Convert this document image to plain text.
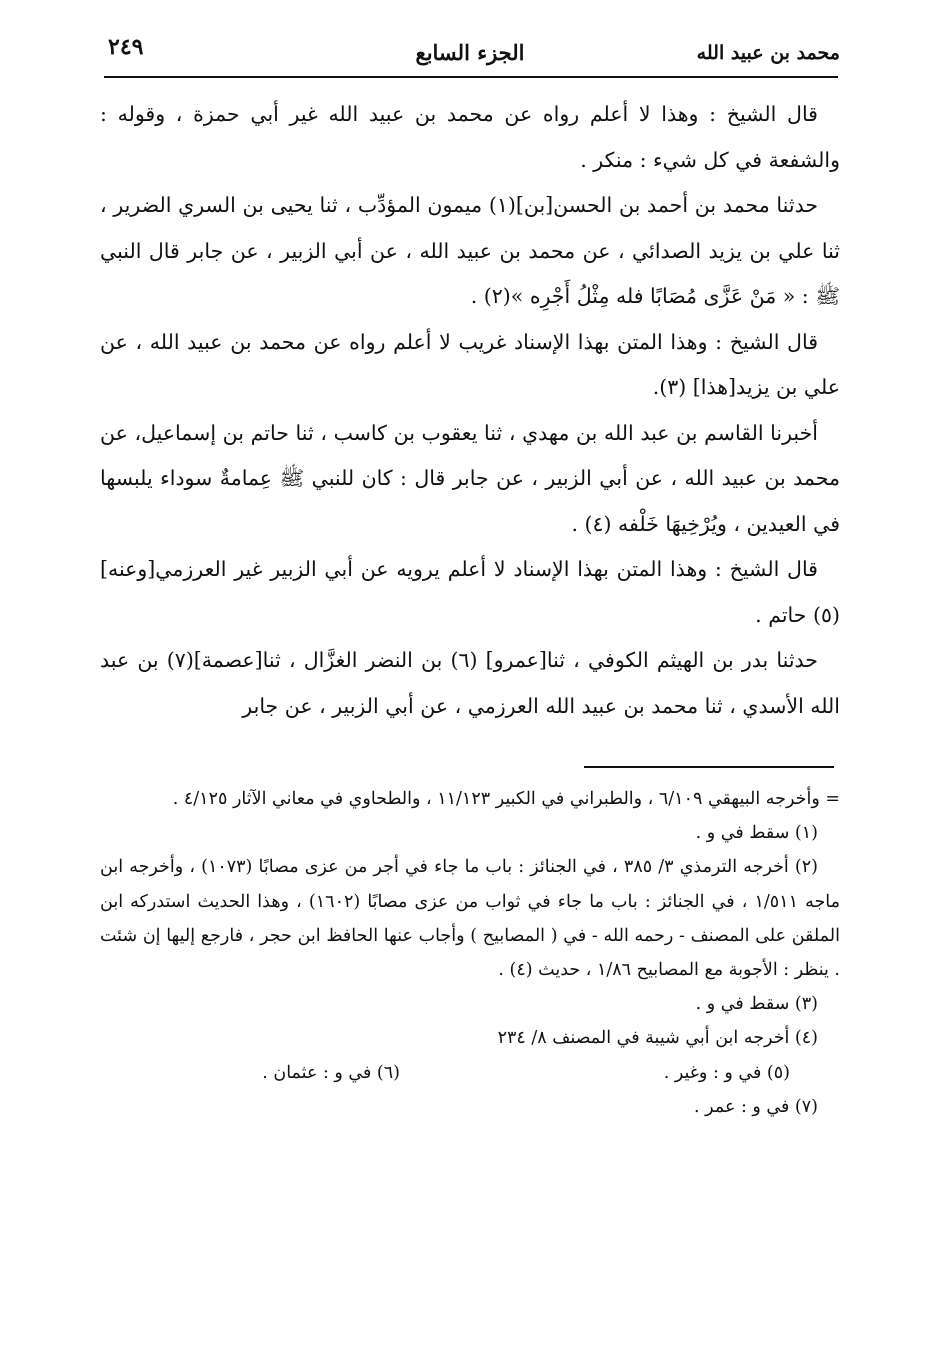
٢٤٩	الجزء السابع	محمد بن عبيد الله

قال الشيخ : وهذا لا أعلم رواه عن محمد بن عبيد الله غير أبي حمزة ، وقوله : والشفعة في كل شيء : منكر .

حدثنا محمد بن أحمد بن الحسن[بن](١) ميمون المؤدِّب ، ثنا يحيى بن السري الضرير ، ثنا علي بن يزيد الصدائي ، عن محمد بن عبيد الله ، عن أبي الزبير ، عن جابر قال النبي ﷺ : « مَنْ عَزَّى مُصَابًا فله مِثْلُ أَجْرِه »(٢) .

قال الشيخ : وهذا المتن بهذا الإسناد غريب لا أعلم رواه عن محمد بن عبيد الله ، عن علي بن يزيد[هذا] (٣).

أخبرنا القاسم بن عبد الله بن مهدي ، ثنا يعقوب بن كاسب ، ثنا حاتم بن إسماعيل، عن محمد بن عبيد الله ، عن أبي الزبير ، عن جابر قال : كان للنبي ﷺ عِمامةٌ سوداء يلبسها في العيدين ، ويُرْخِيهَا خَلْفه (٤) .

قال الشيخ : وهذا المتن بهذا الإسناد لا أعلم يرويه عن أبي الزبير غير العرزمي[وعنه](٥) حاتم .

حدثنا بدر بن الهيثم الكوفي ، ثنا[عمرو] (٦) بن النضر الغزَّال ، ثنا[عصمة](٧) بن عبد الله الأسدي ، ثنا محمد بن عبيد الله العرزمي ، عن أبي الزبير ، عن جابر

= وأخرجه البيهقي ٦/١٠٩ ، والطبراني في الكبير ١١/١٢٣ ، والطحاوي في معاني الآثار ٤/١٢٥ .

(١) سقط في و .

(٢) أخرجه الترمذي ٣/ ٣٨٥ ، في الجنائز : باب ما جاء في أجر من عزى مصابًا (١٠٧٣) ، وأخرجه ابن ماجه ١/٥١١ ، في الجنائز : باب ما جاء في ثواب من عزى مصابًا (١٦٠٢) ، وهذا الحديث استدركه ابن الملقن على المصنف - رحمه الله - في ( المصابيح ) وأجاب عنها الحافظ ابن حجر ، فارجع إليها إن شئت . ينظر : الأجوبة مع المصابيح ١/٨٦ ، حديث (٤) .

(٣) سقط في و .

(٤) أخرجه ابن أبي شيبة في المصنف ٨/ ٢٣٤

(٥) في و : وغير .
(٦) في و : عثمان .

(٧) في و : عمر .
